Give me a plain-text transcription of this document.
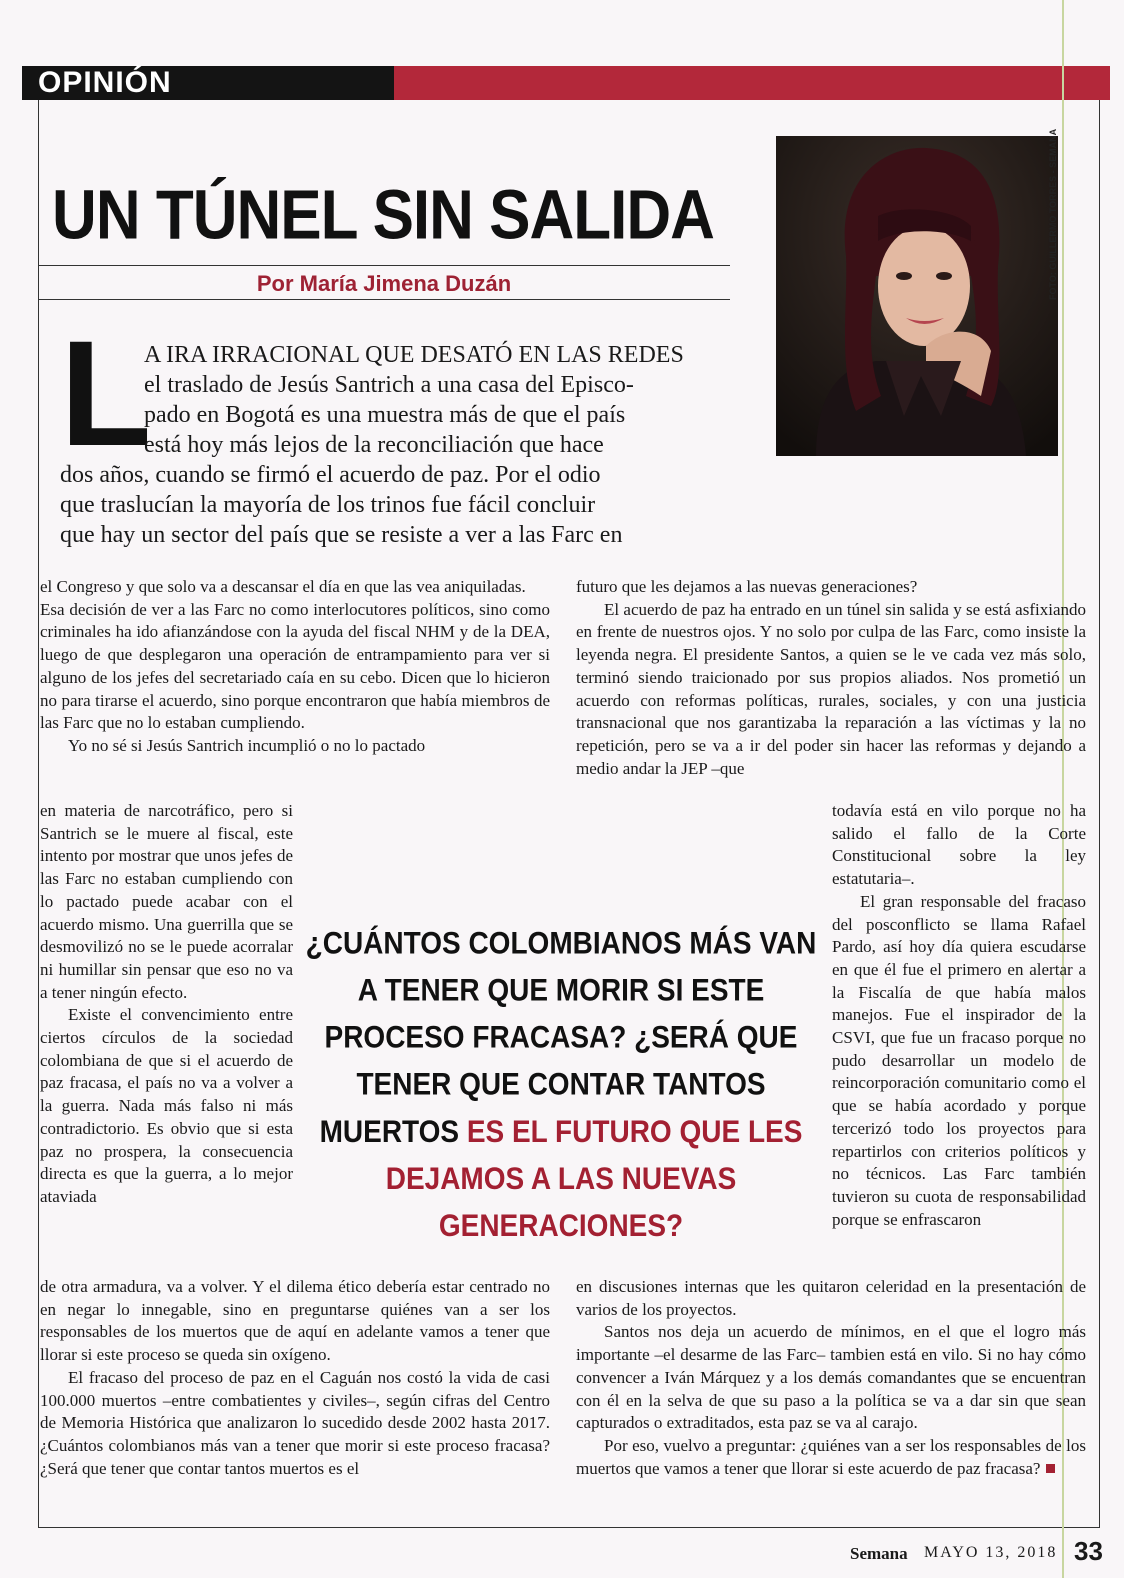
OPINIÓN
UN TÚNEL SIN SALIDA
Por María Jimena Duzán	FOTO: GUILLERMO TORRES - SEMANA
L
A IRA IRRACIONAL QUE DESATÓ EN LAS REDES
el traslado de Jesús Santrich a una casa del Episco-
pado en Bogotá es una muestra más de que el país
está hoy más lejos de la reconciliación que hace
dos años, cuando se firmó el acuerdo de paz. Por el odio
que traslucían la mayoría de los trinos fue fácil concluir
que hay un sector del país que se resiste a ver a las Farc en

el Congreso y que solo va a descansar el día en que las vea aniquiladas.

Esa decisión de ver a las Farc no como interlocutores políticos, sino como criminales ha ido afianzándose con la ayuda del fiscal NHM y de la DEA, luego de que desplegaron una operación de entrampamiento para ver si alguno de los jefes del secretariado caía en su cebo. Dicen que lo hicieron no para tirarse el acuerdo, sino porque encontraron que había miembros de las Farc que no lo estaban cumpliendo.

Yo no sé si Jesús Santrich incumplió o no lo pactado

en materia de narcotráfico, pero si Santrich se le muere al fiscal, este intento por mostrar que unos jefes de las Farc no estaban cumpliendo con lo pactado puede acabar con el acuerdo mismo. Una guerrilla que se desmovilizó no se le puede acorralar ni humillar sin pensar que eso no va a tener ningún efecto.

Existe el convencimiento entre ciertos círculos de la sociedad colombiana de que si el acuerdo de paz fracasa, el país no va a volver a la guerra. Nada más falso ni más contradictorio. Es obvio que si esta paz no prospera, la consecuencia directa es que la guerra, a lo mejor ataviada

de otra armadura, va a volver. Y el dilema ético debería estar centrado no en negar lo innegable, sino en preguntarse quiénes van a ser los responsables de los muertos que de aquí en adelante vamos a tener que llorar si este proceso se queda sin oxígeno.

El fracaso del proceso de paz en el Caguán nos costó la vida de casi 100.000 muertos –entre combatientes y civiles–, según cifras del Centro de Memoria Histórica que analizaron lo sucedido desde 2002 hasta 2017. ¿Cuántos colombianos más van a tener que morir si este proceso fracasa? ¿Será que tener que contar tantos muertos es el

futuro que les dejamos a las nuevas generaciones?

El acuerdo de paz ha entrado en un túnel sin salida y se está asfixiando en frente de nuestros ojos. Y no solo por culpa de las Farc, como insiste la leyenda negra. El presidente Santos, a quien se le ve cada vez más solo, terminó siendo traicionado por sus propios aliados. Nos prometió un acuerdo con reformas políticas, rurales, sociales, y con una justicia transnacional que nos garantizaba la reparación a las víctimas y la no repetición, pero se va a ir del poder sin hacer las reformas y dejando a medio andar la JEP –que

todavía está en vilo porque no ha salido el fallo de la Corte Constitucional sobre la ley estatutaria–.

El gran responsable del fracaso del posconflicto se llama Rafael Pardo, así hoy día quiera escudarse en que él fue el primero en alertar a la Fiscalía de que había malos manejos. Fue el inspirador de la CSVI, que fue un fracaso porque no pudo desarrollar un modelo de reincorporación comunitario como el que se había acordado y porque tercerizó todo los proyectos para repartirlos con criterios políticos y no técnicos. Las Farc también tuvieron su cuota de responsabilidad porque se enfrascaron

en discusiones internas que les quitaron celeridad en la presentación de varios de los proyectos.

Santos nos deja un acuerdo de mínimos, en el que el logro más importante –el desarme de las Farc– tambien está en vilo. Si no hay cómo convencer a Iván Márquez y a los demás comandantes que se encuentran con él en la selva de que su paso a la política se va a dar sin que sean capturados o extraditados, esta paz se va al carajo.

Por eso, vuelvo a preguntar: ¿quiénes van a ser los responsables de los muertos que vamos a tener que llorar si este acuerdo de paz fracasa?

¿CUÁNTOS COLOMBIANOS MÁS VAN A TENER QUE MORIR SI ESTE PROCESO FRACASA? ¿SERÁ QUE TENER QUE CONTAR TANTOS MUERTOS ES EL FUTURO QUE LES DEJAMOS A LAS NUEVAS GENERACIONES?
Semana MAYO 13, 2018 33
